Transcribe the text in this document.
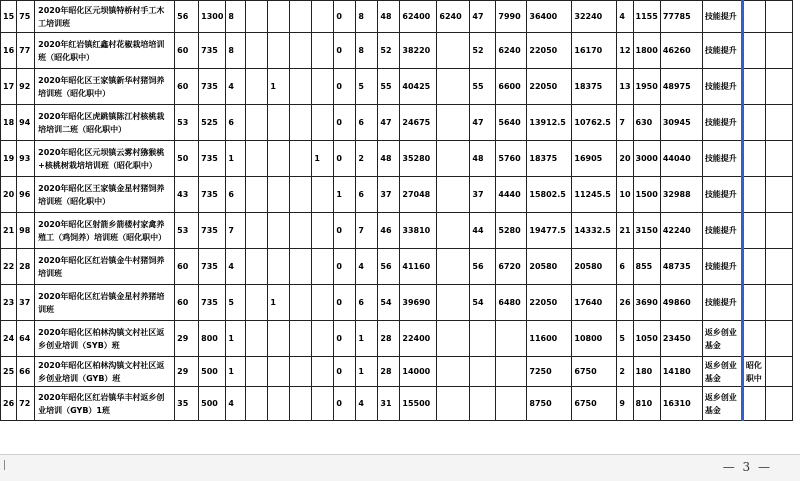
15	75	2020年昭化区元坝镇特桥村手工木工培训班	56	1300	8					0	8	48	62400	6240	47	7990	36400	32240	4	1155	77785	技能提升		
16	77	2020年红岩镇红鑫村花椒栽培培训班（昭化职中）	60	735	8					0	8	52	38220		52	6240	22050	16170	12	1800	46260	技能提升		
17	92	2020年昭化区王家镇新华村猪饲养培训班（昭化职中）	60	735	4		1			0	5	55	40425		55	6600	22050	18375	13	1950	48975	技能提升		
18	94	2020年昭化区虎跳镇陈江村核桃栽培培训二班（昭化职中）	53	525	6					0	6	47	24675		47	5640	13912.5	10762.5	7	630	30945	技能提升		
19	93	2020年昭化区元坝镇云雾村猕猴桃+核桃树栽培培训班（昭化职中）	50	735	1				1	0	2	48	35280		48	5760	18375	16905	20	3000	44040	技能提升		
20	96	2020年昭化区王家镇金星村猪饲养培训班（昭化职中）	43	735	6					1	6	37	27048		37	4440	15802.5	11245.5	10	1500	32988	技能提升		
21	98	2020年昭化区射箭乡箭楼村家禽养殖工（鸡饲养）培训班（昭化职中）	53	735	7					0	7	46	33810		44	5280	19477.5	14332.5	21	3150	42240	技能提升		
22	28	2020年昭化区红岩镇金牛村猪饲养培训班	60	735	4					0	4	56	41160		56	6720	20580	20580	6	855	48735	技能提升		
23	37	2020年昭化区红岩镇金星村养猪培训班	60	735	5		1			0	6	54	39690		54	6480	22050	17640	26	3690	49860	技能提升		
24	64	2020年昭化区柏林沟镇文村社区返乡创业培训（SYB）班	29	800	1					0	1	28	22400				11600	10800	5	1050	23450	返乡创业基金		
25	66	2020年昭化区柏林沟镇文村社区返乡创业培训（GYB）班	29	500	1					0	1	28	14000				7250	6750	2	180	14180	返乡创业基金	昭化职中	
26	72	2020年昭化区红岩镇华丰村返乡创业培训（GYB）1班	35	500	4					0	4	31	15500				8750	6750	9	810	16310	返乡创业基金		
— 3 —
